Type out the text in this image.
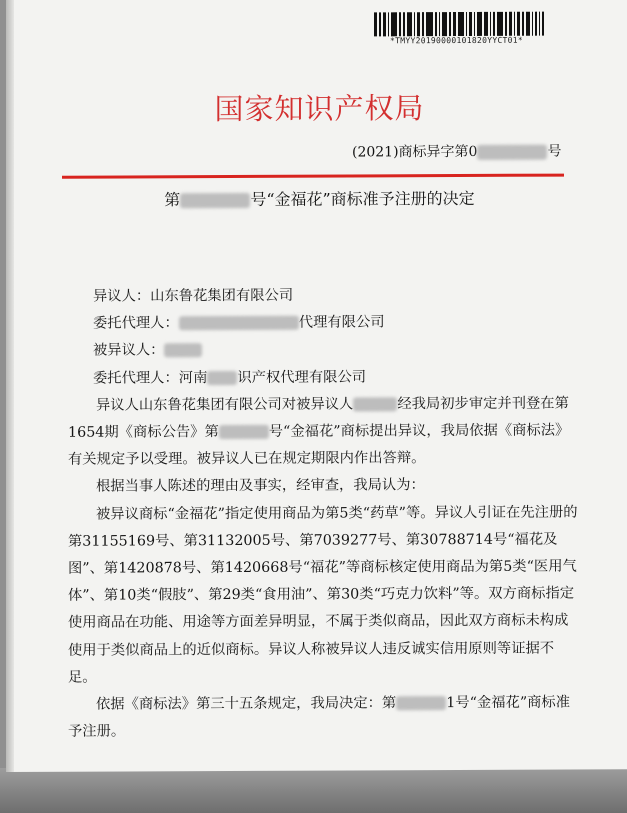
*TMYY20190000101820YYCT01*
国家知识产权局
(2021)商标异字第0	号
第	号“金福花”商标准予注册的决定

异议人：山东鲁花集团有限公司

委托代理人：	代理有限公司

被异议人：

委托代理人：河南 识产权代理有限公司

异议人山东鲁花集团有限公司对被异议人	经我局初步审定并刊登在第1654期《商标公告》第	号“金福花”商标提出异议，我局依据《商标法》有关规定予以受理。被异议人已在规定期限内作出答辩。

根据当事人陈述的理由及事实，经审查，我局认为：

被异议商标“金福花”指定使用商品为第5类“药草”等。异议人引证在先注册的第31155169号、第31132005号、第7039277号、第30788714号“福花及图”、第1420878号、第1420668号“福花”等商标核定使用商品为第5类“医用气体”、第10类“假肢”、第29类“食用油”、第30类“巧克力饮料”等。双方商标指定使用商品在功能、用途等方面差异明显，不属于类似商品，因此双方商标未构成使用于类似商品上的近似商标。异议人称被异议人违反诚实信用原则等证据不足。

依据《商标法》第三十五条规定，我局决定：第	1号“金福花”商标准予注册。
